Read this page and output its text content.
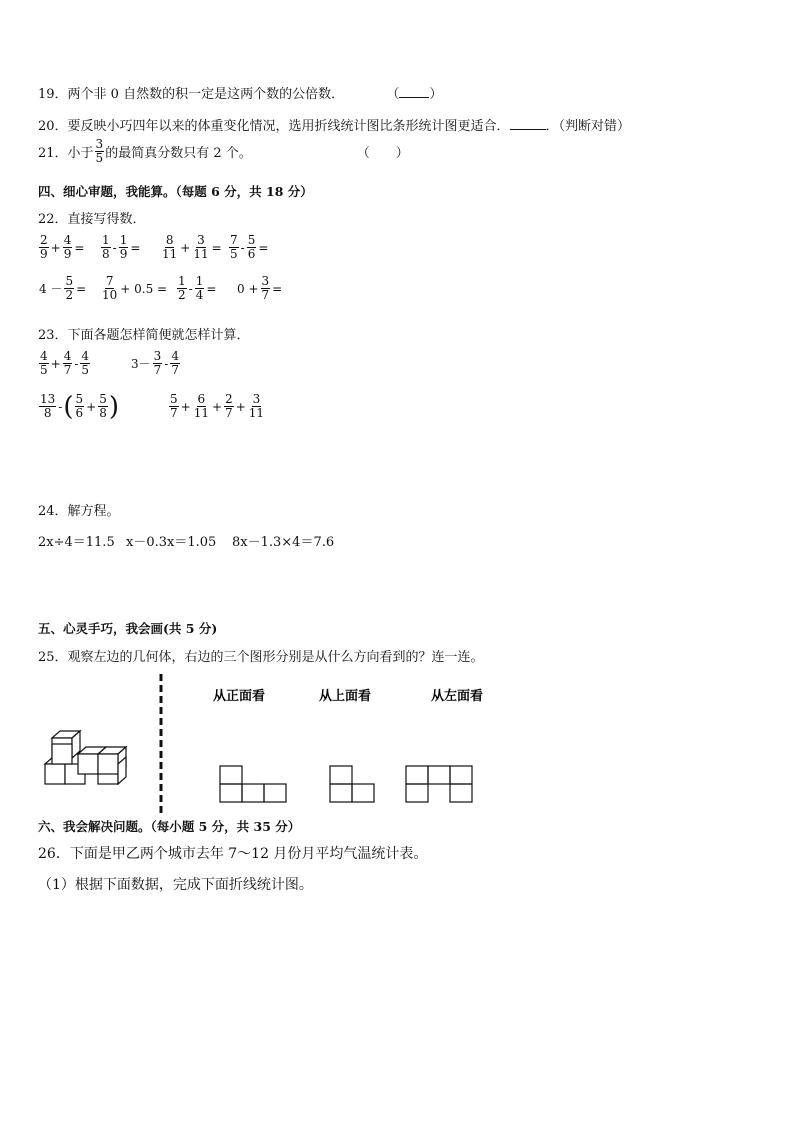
19．两个非 0 自然数的积一定是这两个数的公倍数．	（ ）
20．要反映小巧四年以来的体重变化情况，选用折线统计图比条形统计图更适合．	．（判断对错）
21．小于 $\frac{3}{5}$ 的最简真分数只有 2 个。	（　　）
四、细心审题，我能算。（每题 6 分，共 18 分）
22．直接写得数．
$\frac{2}{9} + \frac{4}{9} = \frac{1}{8} - \frac{1}{9} = \frac{8}{11} + \frac{3}{11} = \frac{7}{5} - \frac{5}{6}$ =
$4 - \frac{5}{2} = \frac{7}{10} + 0.5 = \frac{1}{2} - \frac{1}{4} = 0 + \frac{3}{7}$ =
23．下面各题怎样简便就怎样计算．
$\frac{4}{5} + \frac{4}{7} - \frac{4}{5}$	$3- \frac{3}{7} - \frac{4}{7}$
$\frac{13}{8}$ - ( $\frac{5}{6} + \frac{5}{8}$ )	$\frac{5}{7} + \frac{6}{11} + \frac{2}{7} + \frac{3}{11}$
24．解方程。
2x÷4＝11.5 x－0.3x＝1.05 8x－1.3×4＝7.6
五、心灵手巧，我会画(共 5 分)
25．观察左边的几何体，右边的三个图形分别是从什么方向看到的？连一连。
从正面看	从上面看	从左面看
六、我会解决问题。（每小题 5 分，共 35 分）
26．下面是甲乙两个城市去年 7～12 月份月平均气温统计表。
（1）根据下面数据，完成下面折线统计图。
